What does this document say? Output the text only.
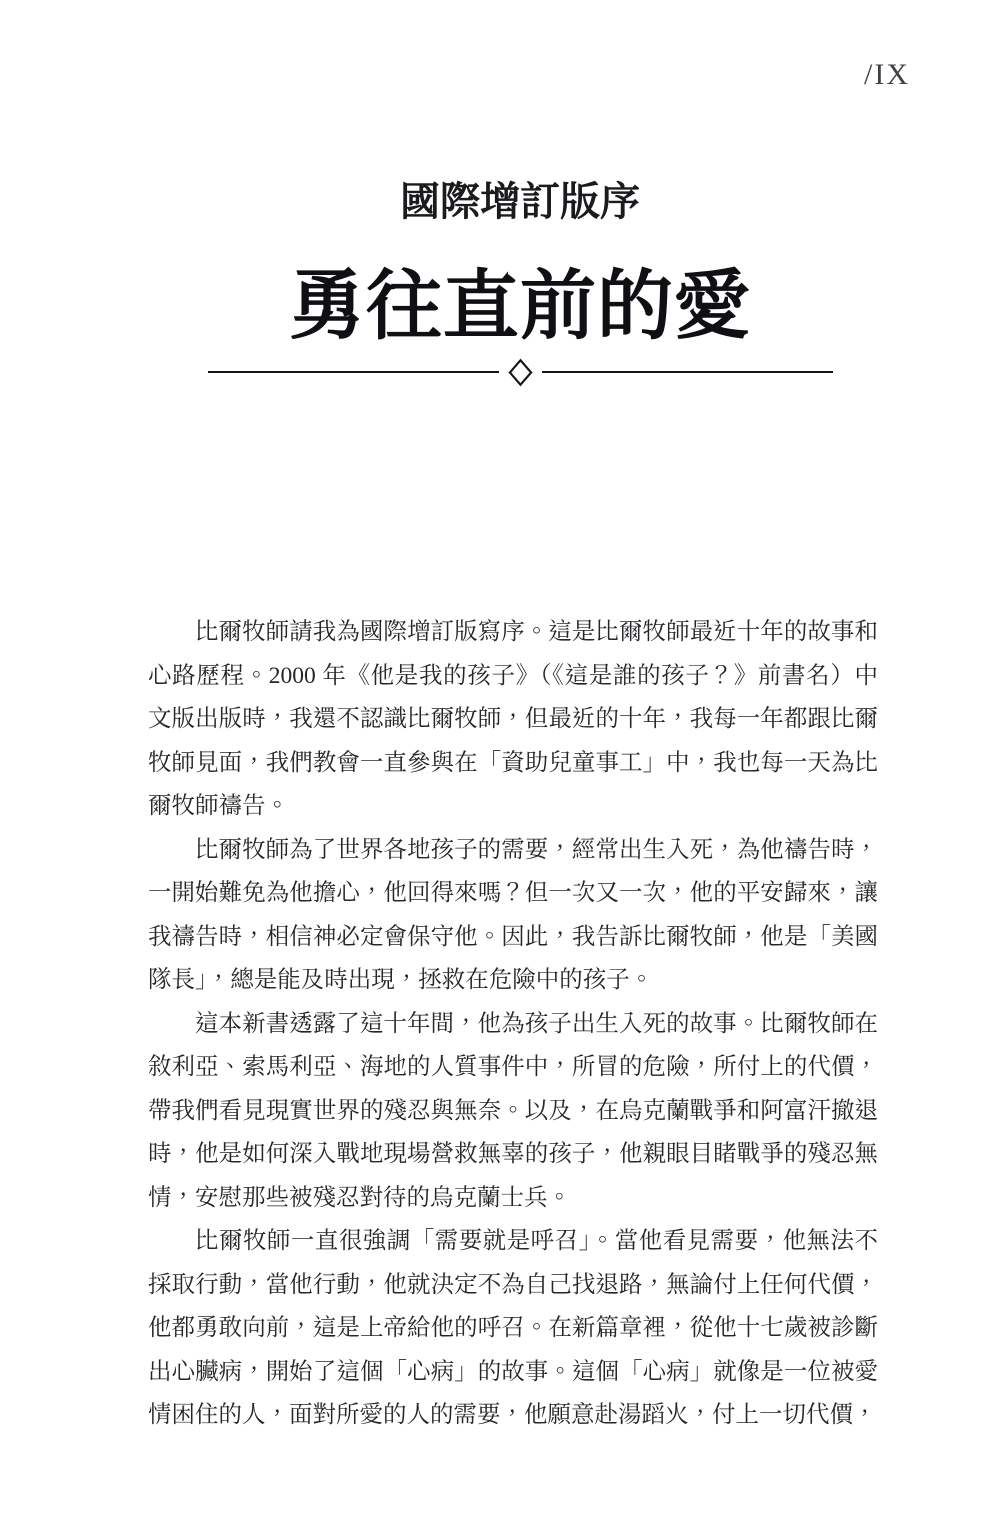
/IX
國際增訂版序
勇往直前的愛

比爾牧師請我為國際增訂版寫序。這是比爾牧師最近十年的故事和心路歷程。2000 年《他是我的孩子》（《這是誰的孩子？》前書名）中文版出版時，我還不認識比爾牧師，但最近的十年，我每一年都跟比爾牧師見面，我們教會一直參與在「資助兒童事工」中，我也每一天為比爾牧師禱告。

比爾牧師為了世界各地孩子的需要，經常出生入死，為他禱告時，一開始難免為他擔心，他回得來嗎？但一次又一次，他的平安歸來，讓我禱告時，相信神必定會保守他。因此，我告訴比爾牧師，他是「美國隊長」，總是能及時出現，拯救在危險中的孩子。

這本新書透露了這十年間，他為孩子出生入死的故事。比爾牧師在敘利亞、索馬利亞、海地的人質事件中，所冒的危險，所付上的代價，帶我們看見現實世界的殘忍與無奈。以及，在烏克蘭戰爭和阿富汗撤退時，他是如何深入戰地現場營救無辜的孩子，他親眼目睹戰爭的殘忍無情，安慰那些被殘忍對待的烏克蘭士兵。

比爾牧師一直很強調「需要就是呼召」。當他看見需要，他無法不採取行動，當他行動，他就決定不為自己找退路，無論付上任何代價，他都勇敢向前，這是上帝給他的呼召。在新篇章裡，從他十七歲被診斷出心臟病，開始了這個「心病」的故事。這個「心病」就像是一位被愛情困住的人，面對所愛的人的需要，他願意赴湯蹈火，付上一切代價，
